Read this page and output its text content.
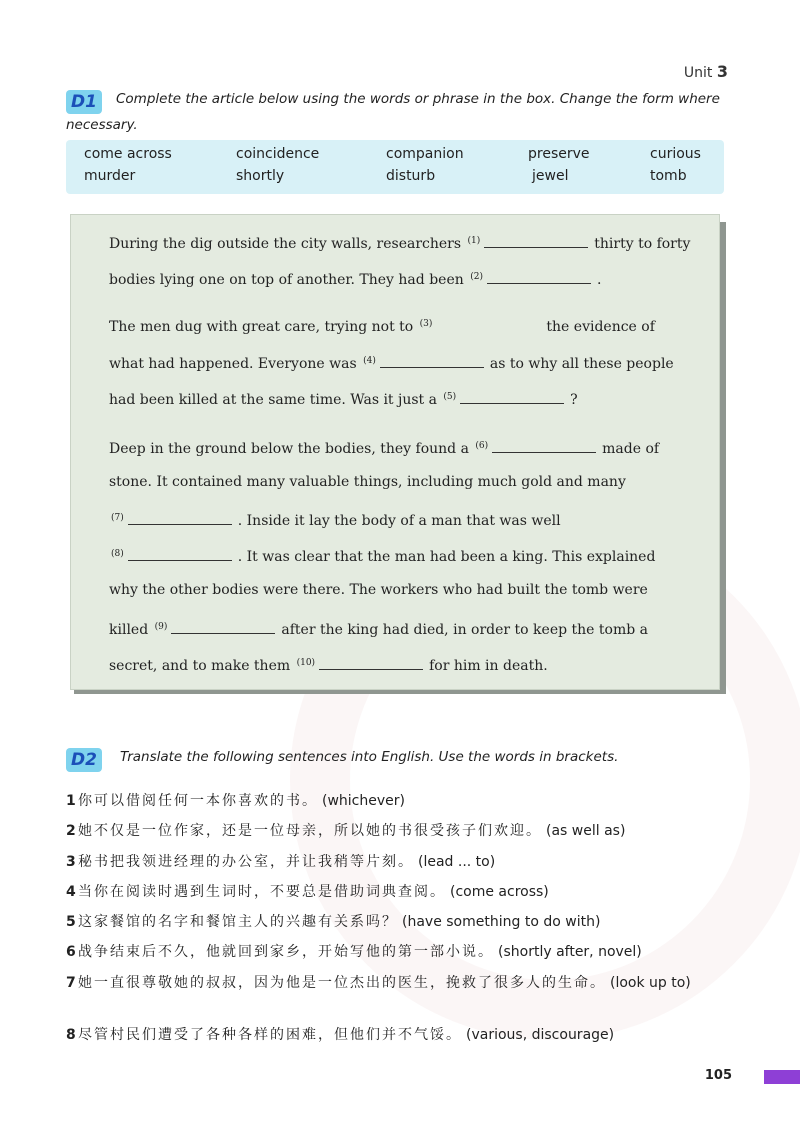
Unit 3
D1 Complete the article below using the words or phrase in the box. Change the form where necessary.
come across	coincidence	companion	preserve	curious
murder	shortly	disturb	jewel	tomb
During the dig outside the city walls, researchers $^{(1)}$	thirty to forty
bodies lying one on top of another. They had been $^{(2)}$	.
The men dug with great care, trying not to $^{(3)}$	the evidence of
what had happened. Everyone was $^{(4)}$	as to why all these people
had been killed at the same time. Was it just a $^{(5)}$	?
Deep in the ground below the bodies, they found a $^{(6)}$	made of
stone. It contained many valuable things, including much gold and many
$^{(7)}$	. Inside it lay the body of a man that was well
$^{(8)}$	. It was clear that the man had been a king. This explained
why the other bodies were there. The workers who had built the tomb were
killed $^{(9)}$	after the king had died, in order to keep the tomb a
secret, and to make them $^{(10)}$	for him in death.
D2 Translate the following sentences into English. Use the words in brackets.
1 你可以借阅任何一本你喜欢的书。 (whichever)
2 她不仅是一位作家，还是一位母亲，所以她的书很受孩子们欢迎。 (as well as)
3 秘书把我领进经理的办公室，并让我稍等片刻。 (lead ... to)
4 当你在阅读时遇到生词时，不要总是借助词典查阅。 (come across)
5 这家餐馆的名字和餐馆主人的兴趣有关系吗？ (have something to do with)
6 战争结束后不久，他就回到家乡，开始写他的第一部小说。 (shortly after, novel)
7 她一直很尊敬她的叔叔，因为他是一位杰出的医生，挽救了很多人的生命。 (look up to)
8 尽管村民们遭受了各种各样的困难，但他们并不气馁。 (various, discourage)
105
